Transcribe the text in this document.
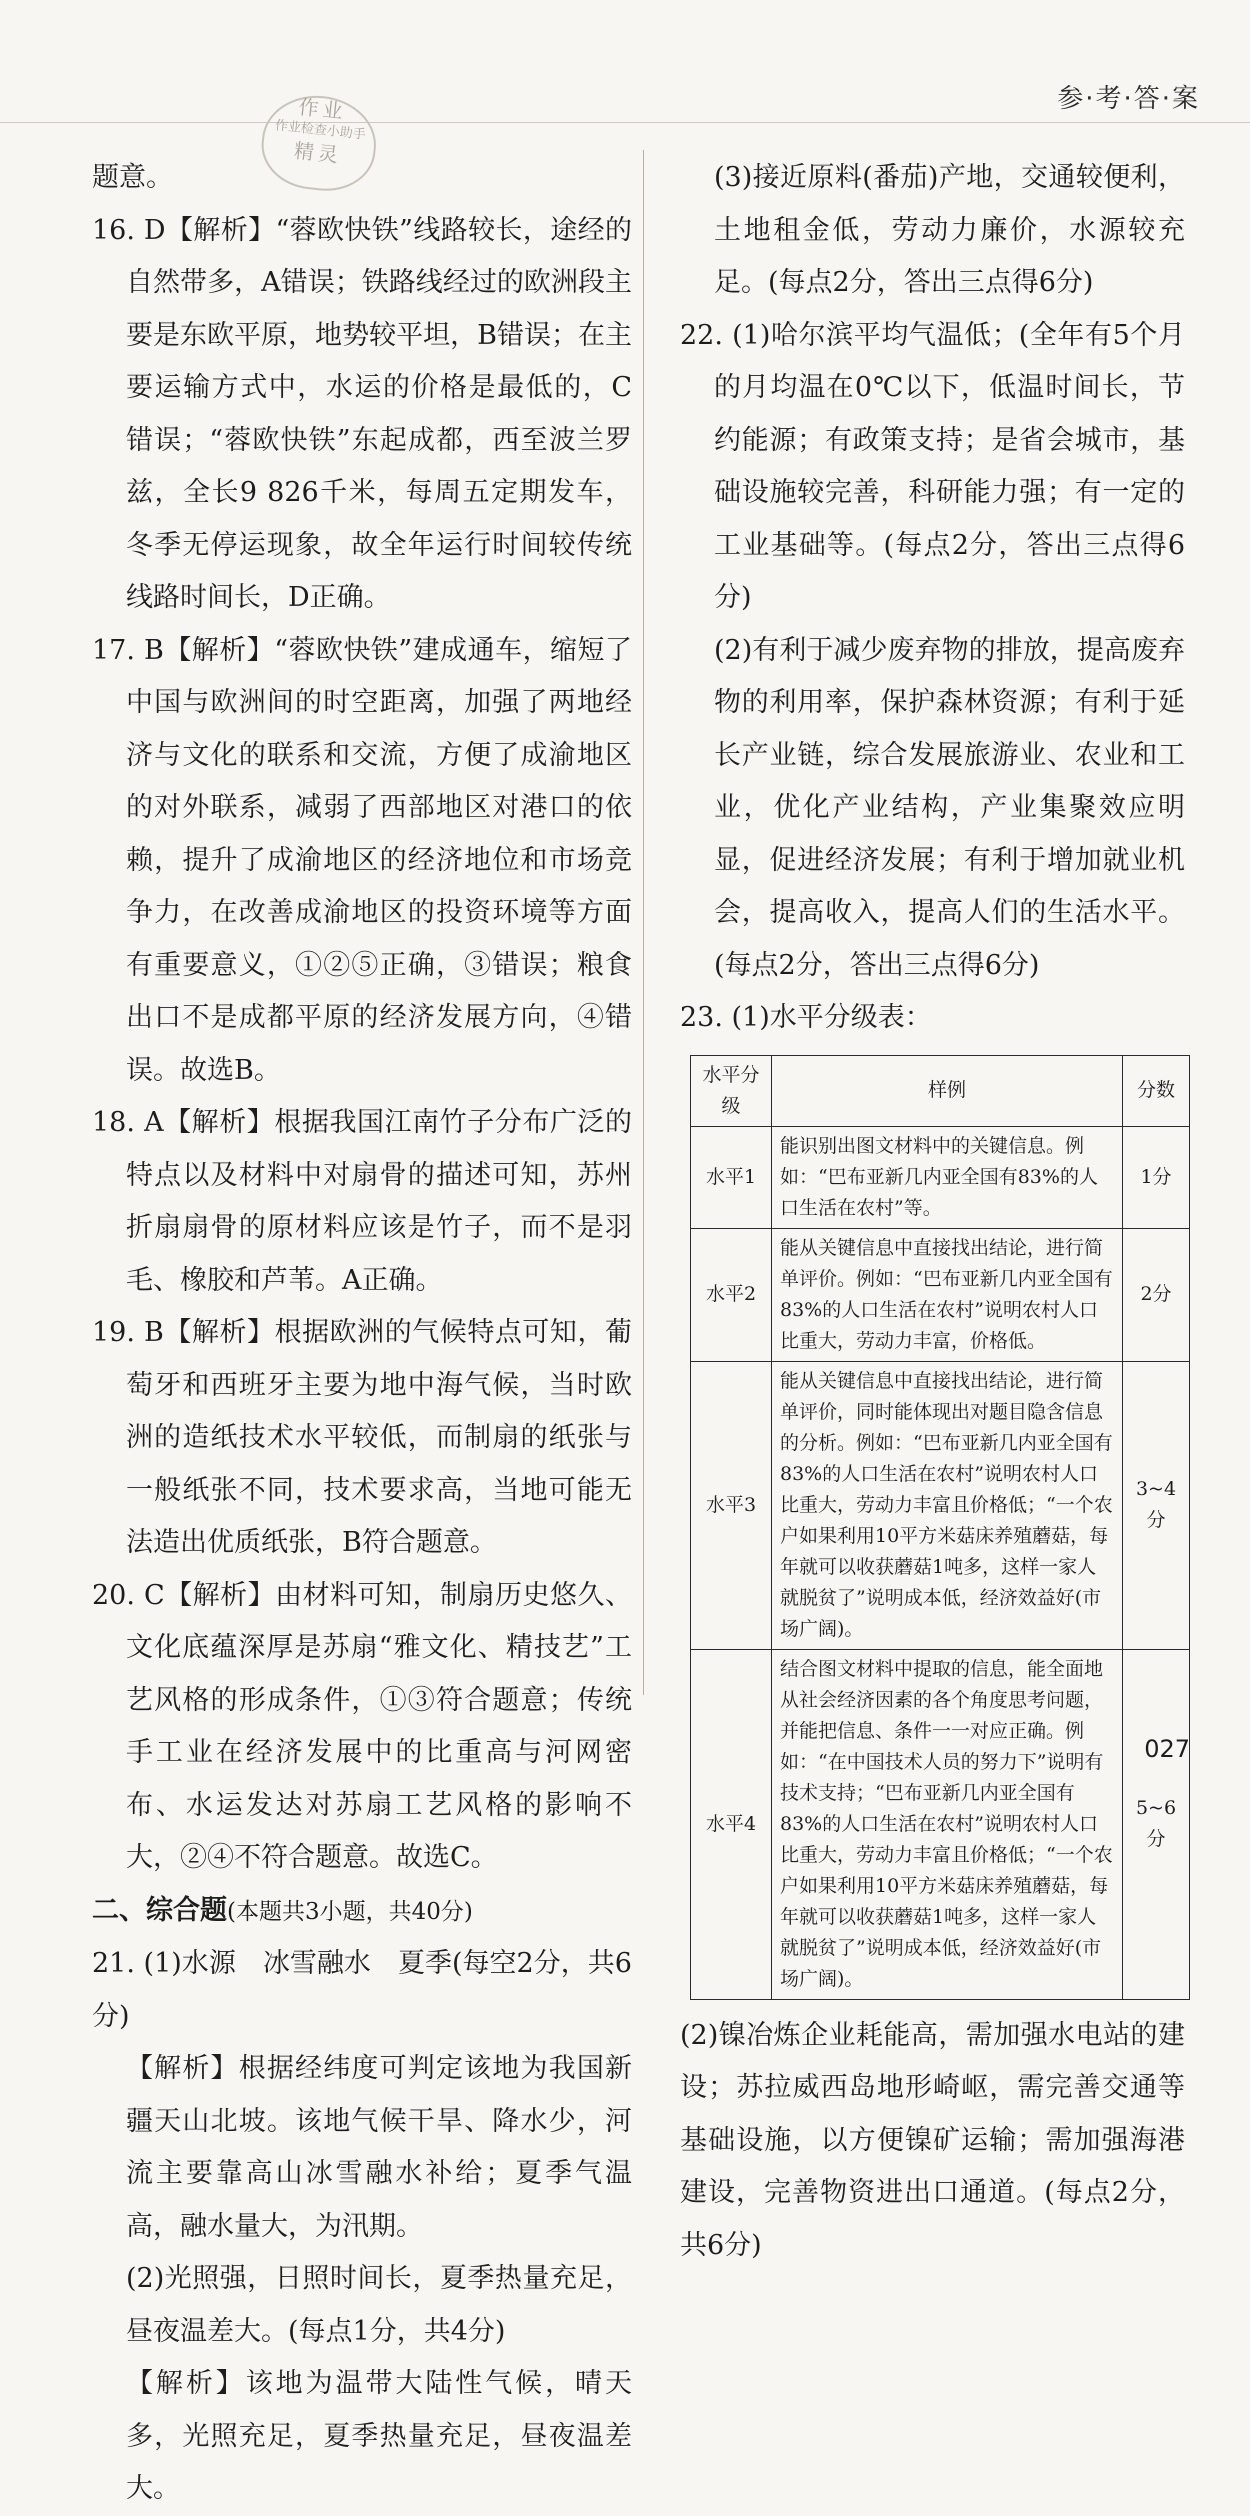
参·考·答·案
作业
作业检查小助手
精灵

题意。

16. D【解析】“蓉欧快铁”线路较长，途经的自然带多，A错误；铁路线经过的欧洲段主要是东欧平原，地势较平坦，B错误；在主要运输方式中，水运的价格是最低的，C错误；“蓉欧快铁”东起成都，西至波兰罗兹，全长9 826千米，每周五定期发车，冬季无停运现象，故全年运行时间较传统线路时间长，D正确。

17. B【解析】“蓉欧快铁”建成通车，缩短了中国与欧洲间的时空距离，加强了两地经济与文化的联系和交流，方便了成渝地区的对外联系，减弱了西部地区对港口的依赖，提升了成渝地区的经济地位和市场竞争力，在改善成渝地区的投资环境等方面有重要意义，①②⑤正确，③错误；粮食出口不是成都平原的经济发展方向，④错误。故选B。

18. A【解析】根据我国江南竹子分布广泛的特点以及材料中对扇骨的描述可知，苏州折扇扇骨的原材料应该是竹子，而不是羽毛、橡胶和芦苇。A正确。

19. B【解析】根据欧洲的气候特点可知，葡萄牙和西班牙主要为地中海气候，当时欧洲的造纸技术水平较低，而制扇的纸张与一般纸张不同，技术要求高，当地可能无法造出优质纸张，B符合题意。

20. C【解析】由材料可知，制扇历史悠久、文化底蕴深厚是苏扇“雅文化、精技艺”工艺风格的形成条件，①③符合题意；传统手工业在经济发展中的比重高与河网密布、水运发达对苏扇工艺风格的影响不大，②④不符合题意。故选C。

二、综合题(本题共3小题，共40分)

21. (1)水源　冰雪融水　夏季(每空2分，共6分)

【解析】根据经纬度可判定该地为我国新疆天山北坡。该地气候干旱、降水少，河流主要靠高山冰雪融水补给；夏季气温高，融水量大，为汛期。

(2)光照强，日照时间长，夏季热量充足，昼夜温差大。(每点1分，共4分)

【解析】该地为温带大陆性气候，晴天多，光照充足，夏季热量充足，昼夜温差大。

(3)接近原料(番茄)产地，交通较便利，土地租金低，劳动力廉价，水源较充足。(每点2分，答出三点得6分)

22. (1)哈尔滨平均气温低；(全年有5个月的月均温在0℃以下，低温时间长，节约能源；有政策支持；是省会城市，基础设施较完善，科研能力强；有一定的工业基础等。(每点2分，答出三点得6分)

(2)有利于减少废弃物的排放，提高废弃物的利用率，保护森林资源；有利于延长产业链，综合发展旅游业、农业和工业，优化产业结构，产业集聚效应明显，促进经济发展；有利于增加就业机会，提高收入，提高人们的生活水平。(每点2分，答出三点得6分)

23. (1)水平分级表：

水平分级	样例	分数
水平1	能识别出图文材料中的关键信息。例如：“巴布亚新几内亚全国有83%的人口生活在农村”等。	1分
水平2	能从关键信息中直接找出结论，进行简单评价。例如：“巴布亚新几内亚全国有83%的人口生活在农村”说明农村人口比重大，劳动力丰富，价格低。	2分
水平3	能从关键信息中直接找出结论，进行简单评价，同时能体现出对题目隐含信息的分析。例如：“巴布亚新几内亚全国有83%的人口生活在农村”说明农村人口比重大，劳动力丰富且价格低；“一个农户如果利用10平方米菇床养殖蘑菇，每年就可以收获蘑菇1吨多，这样一家人就脱贫了”说明成本低，经济效益好(市场广阔)。	3~4分
水平4	结合图文材料中提取的信息，能全面地从社会经济因素的各个角度思考问题，并能把信息、条件一一对应正确。例如：“在中国技术人员的努力下”说明有技术支持；“巴布亚新几内亚全国有83%的人口生活在农村”说明农村人口比重大，劳动力丰富且价格低；“一个农户如果利用10平方米菇床养殖蘑菇，每年就可以收获蘑菇1吨多，这样一家人就脱贫了”说明成本低，经济效益好(市场广阔)。	5~6分

(2)镍冶炼企业耗能高，需加强水电站的建设；苏拉威西岛地形崎岖，需完善交通等基础设施，以方便镍矿运输；需加强海港建设，完善物资进出口通道。(每点2分，共6分)

027
